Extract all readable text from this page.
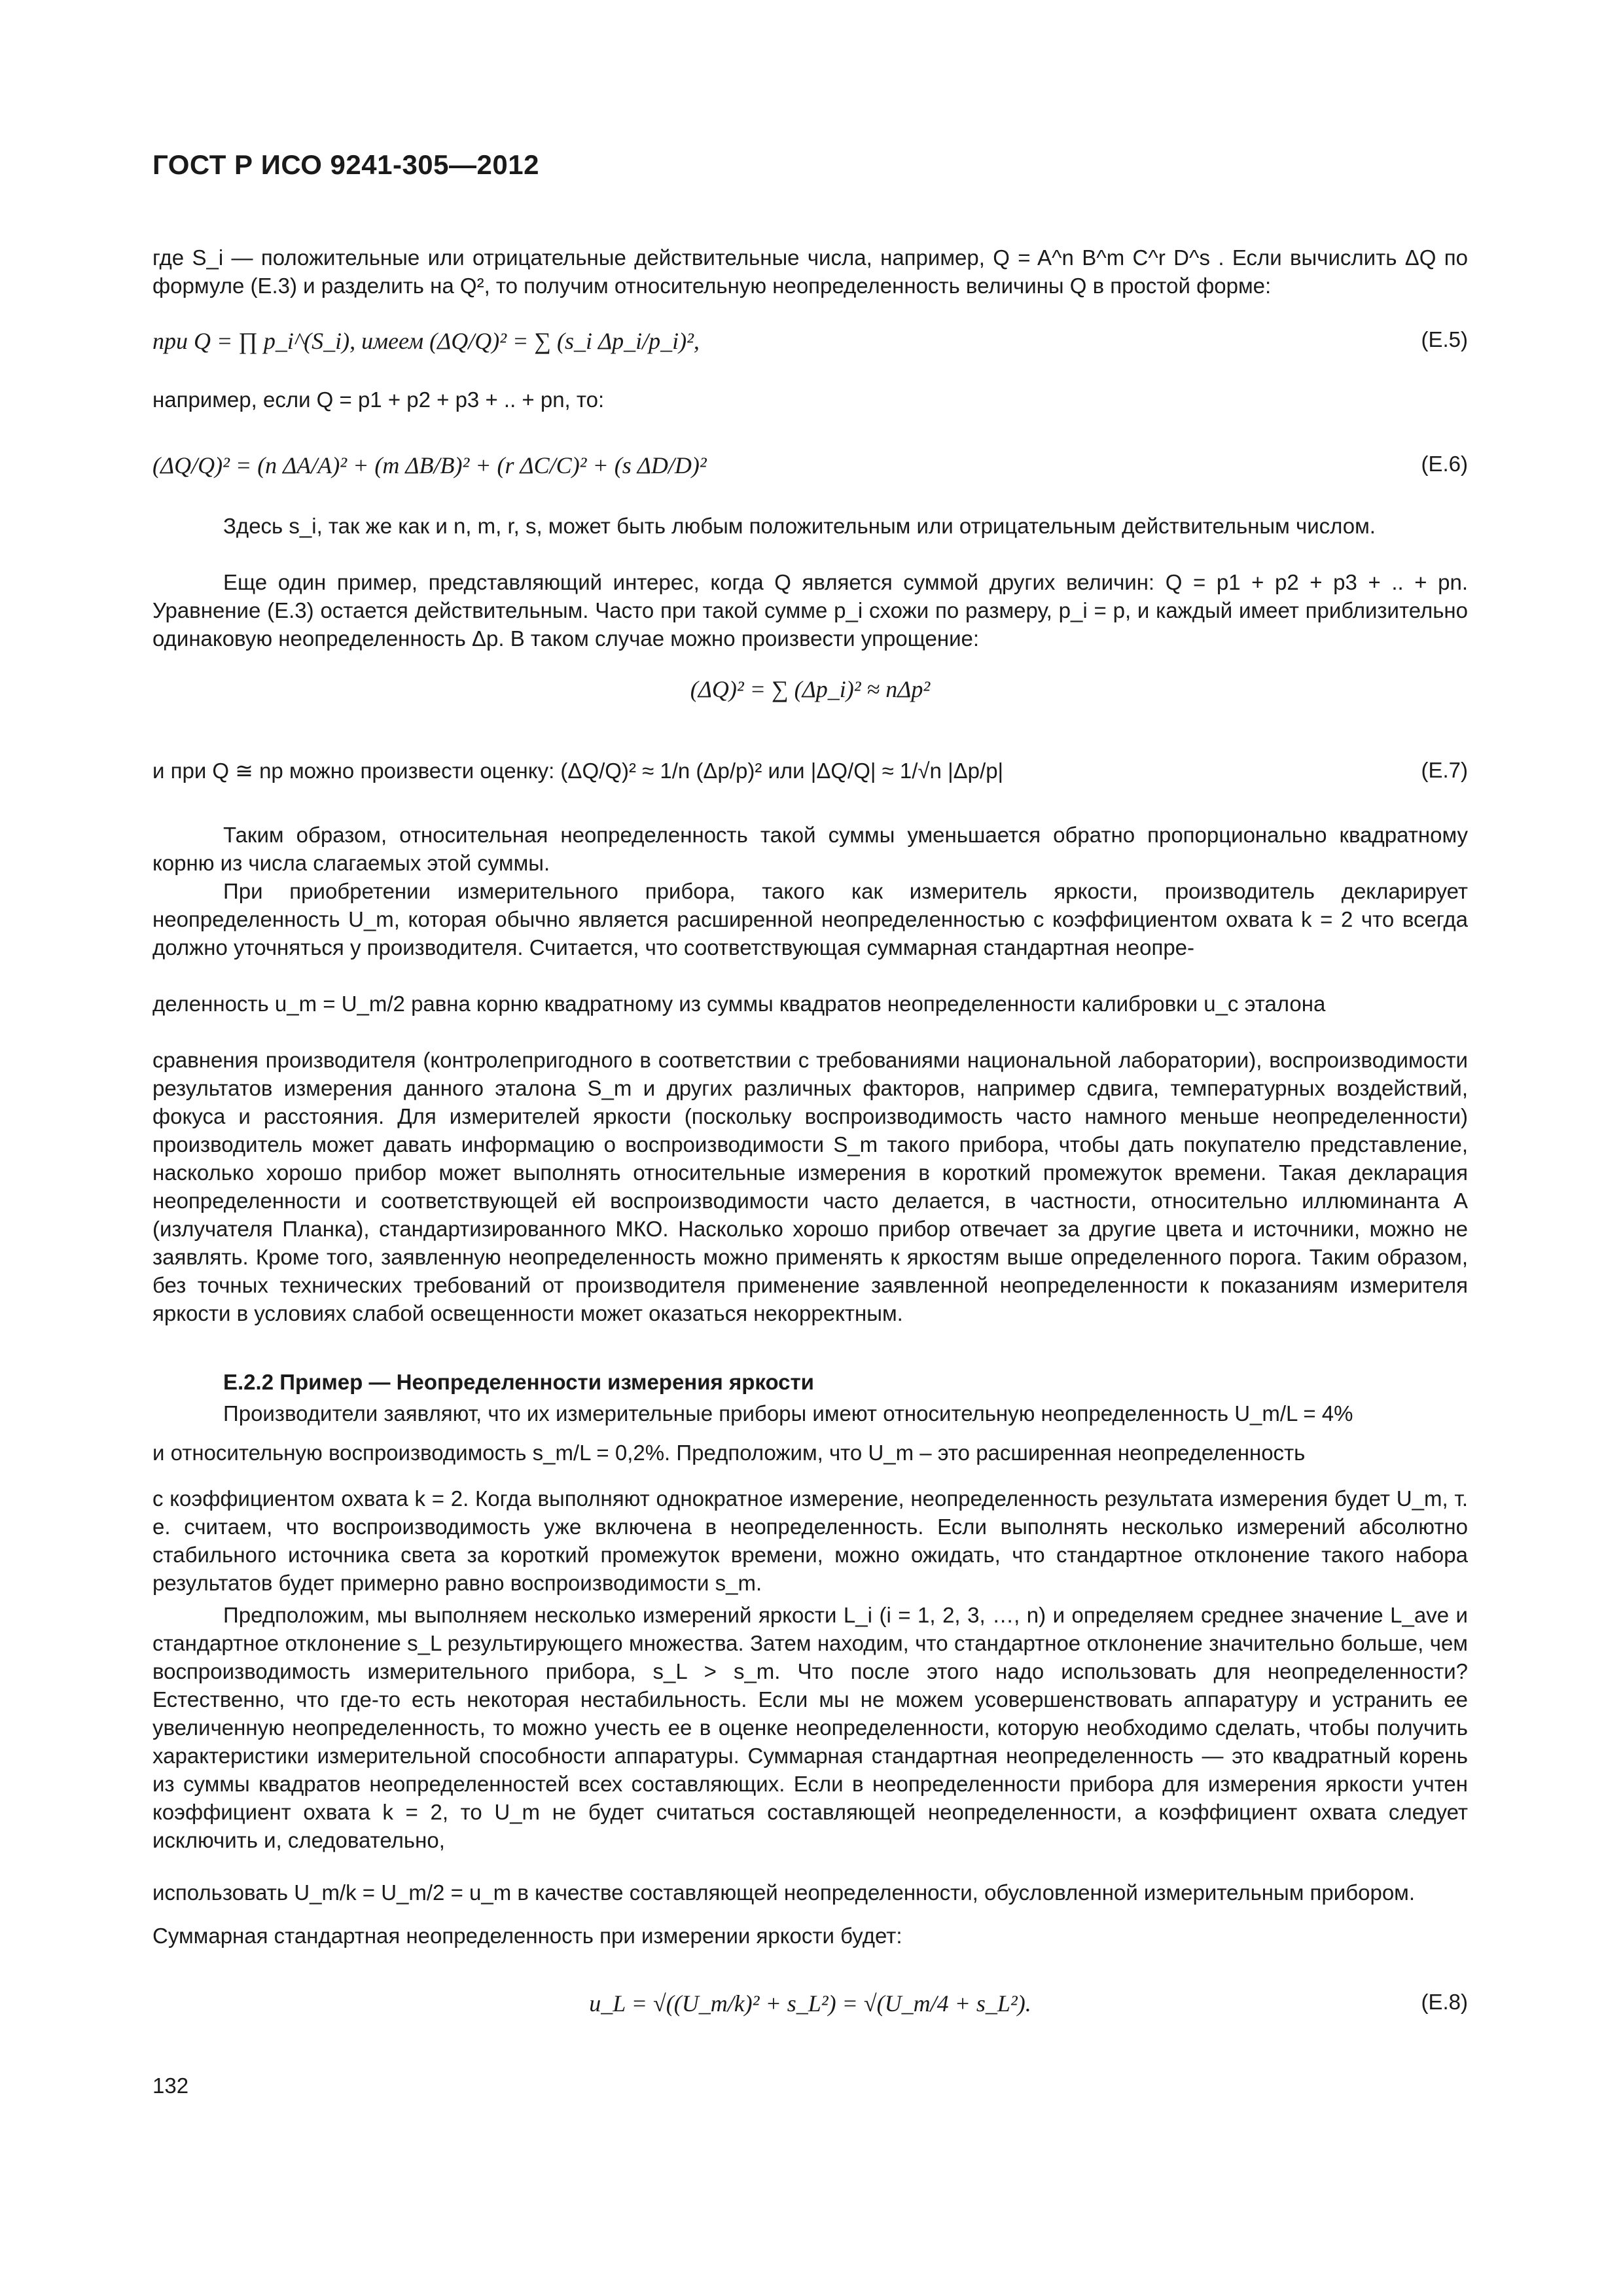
ГОСТ Р ИСО 9241-305—2012

где S_i — положительные или отрицательные действительные числа, например, Q = A^n B^m C^r D^s . Если вычислить ΔQ по формуле (Е.3) и разделить на Q², то получим относительную неопределенность величины Q в простой форме:

при Q = ∏ p_i^(S_i), имеем (ΔQ/Q)² = ∑ (s_i Δp_i/p_i)²,	(Е.5)
например, если Q = p1 + p2 + p3 + .. + pn, то:
(ΔQ/Q)² = (n ΔA/A)² + (m ΔB/B)² + (r ΔC/C)² + (s ΔD/D)²	(Е.6)

Здесь s_i, так же как и n, m, r, s, может быть любым положительным или отрицательным действительным числом.

Еще один пример, представляющий интерес, когда Q является суммой других величин: Q = p1 + p2 + p3 + .. + pn. Уравнение (Е.3) остается действительным. Часто при такой сумме p_i схожи по размеру, p_i = p, и каждый имеет приблизительно одинаковую неопределенность Δp. В таком случае можно произвести упрощение:

(ΔQ)² = ∑ (Δp_i)² ≈ nΔp²
и при Q ≅ np можно произвести оценку: (ΔQ/Q)² ≈ 1/n (Δp/p)² или |ΔQ/Q| ≈ 1/√n |Δp/p|	(Е.7)

Таким образом, относительная неопределенность такой суммы уменьшается обратно пропорционально квадратному корню из числа слагаемых этой суммы.

При приобретении измерительного прибора, такого как измеритель яркости, производитель декларирует неопределенность U_m, которая обычно является расширенной неопределенностью с коэффициентом охвата k = 2 что всегда должно уточняться у производителя. Считается, что соответствующая суммарная стандартная неопре-

деленность u_m = U_m/2 равна корню квадратному из суммы квадратов неопределенности калибровки u_c эталона

сравнения производителя (контролепригодного в соответствии с требованиями национальной лаборатории), воспроизводимости результатов измерения данного эталона S_m и других различных факторов, например сдвига, температурных воздействий, фокуса и расстояния. Для измерителей яркости (поскольку воспроизводимость часто намного меньше неопределенности) производитель может давать информацию о воспроизводимости S_m такого прибора, чтобы дать покупателю представление, насколько хорошо прибор может выполнять относительные измерения в короткий промежуток времени. Такая декларация неопределенности и соответствующей ей воспроизводимости часто делается, в частности, относительно иллюминанта А (излучателя Планка), стандартизированного МКО. Насколько хорошо прибор отвечает за другие цвета и источники, можно не заявлять. Кроме того, заявленную неопределенность можно применять к яркостям выше определенного порога. Таким образом, без точных технических требований от производителя применение заявленной неопределенности к показаниям измерителя яркости в условиях слабой освещенности может оказаться некорректным.

Е.2.2 Пример — Неопределенности измерения яркости

Производители заявляют, что их измерительные приборы имеют относительную неопределенность U_m/L = 4%

и относительную воспроизводимость s_m/L = 0,2%. Предположим, что U_m – это расширенная неопределенность

с коэффициентом охвата k = 2. Когда выполняют однократное измерение, неопределенность результата измерения будет U_m, т. е. считаем, что воспроизводимость уже включена в неопределенность. Если выполнять несколько измерений абсолютно стабильного источника света за короткий промежуток времени, можно ожидать, что стандартное отклонение такого набора результатов будет примерно равно воспроизводимости s_m.

Предположим, мы выполняем несколько измерений яркости L_i (i = 1, 2, 3, …, n) и определяем среднее значение L_ave и стандартное отклонение s_L результирующего множества. Затем находим, что стандартное отклонение значительно больше, чем воспроизводимость измерительного прибора, s_L > s_m. Что после этого надо использовать для неопределенности? Естественно, что где-то есть некоторая нестабильность. Если мы не можем усовершенствовать аппаратуру и устранить ее увеличенную неопределенность, то можно учесть ее в оценке неопределенности, которую необходимо сделать, чтобы получить характеристики измерительной способности аппаратуры. Суммарная стандартная неопределенность — это квадратный корень из суммы квадратов неопределенностей всех составляющих. Если в неопределенности прибора для измерения яркости учтен коэффициент охвата k = 2, то U_m не будет считаться составляющей неопределенности, а коэффициент охвата следует исключить и, следовательно,

использовать U_m/k = U_m/2 = u_m в качестве составляющей неопределенности, обусловленной измерительным прибором.

Суммарная стандартная неопределенность при измерении яркости будет:

u_L = √((U_m/k)² + s_L²) = √(U_m/4 + s_L²).	(Е.8)
132
